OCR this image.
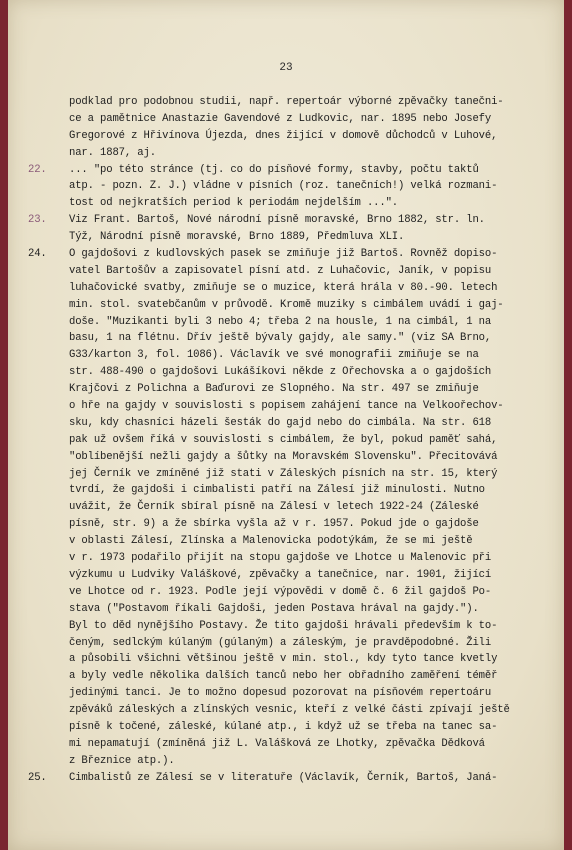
23
podklad pro podobnou studii, např. repertoár výborné zpěvačky tanečni-
ce a pamětnice Anastazie Gavendové z Ludkovic, nar. 1895 nebo Josefy
Gregorové z Hřivínova Újezda, dnes žijící v domově důchodců v Luhové,
nar. 1887, aj.
22. ... "po této stránce (tj. co do písňové formy, stavby, počtu taktů
atp. - pozn. Z. J.) vládne v písních (roz. tanečních!) velká rozmani-
tost od nejkratších period k periodám nejdelším ...".
23. Viz Frant. Bartoš, Nové národní písně moravské, Brno 1882, str. ln.
Týž, Národní písně moravské, Brno 1889, Předmluva XLI.
24. O gajdošovi z kudlovských pasek se zmiňuje již Bartoš. Rovněž dopiso-
vatel Bartošův a zapisovatel písní atd. z Luhačovic, Janík, v popisu
luhačovické svatby, zmiňuje se o muzice, která hrála v 80.-90. letech
min. stol. svatebčanům v průvodě. Kromě muziky s cimbálem uvádí i gaj-
doše. "Muzikanti byli 3 nebo 4; třeba 2 na housle, 1 na cimbál, 1 na
basu, 1 na flétnu. Dřív ještě bývaly gajdy, ale samy." (viz SA Brno,
G33/karton 3, fol. 1086). Václavík ve své monografii zmiňuje se na
str. 488-490 o gajdošovi Lukášíkovi někde z Ořechovska a o gajdoších
Krajčovi z Polichna a Baďurovi ze Slopného. Na str. 497 se zmiňuje
o hře na gajdy v souvislosti s popisem zahájení tance na Velkoořechov-
sku, kdy chasníci házeli šesták do gajd nebo do cimbála. Na str. 618
pak už ovšem říká v souvislosti s cimbálem, že byl, pokud paměť sahá,
"oblíbenější nežli gajdy a šůtky na Moravském Slovensku". Přecitovává
jej Černík ve zmíněné již stati v Záleských písních na str. 15, který
tvrdí, že gajdoši i cimbalisti patří na Zálesí již minulosti. Nutno
uvážit, že Černík sbíral písně na Zálesí v letech 1922-24 (Záleské
písně, str. 9) a že sbírka vyšla až v r. 1957. Pokud jde o gajdoše
v oblasti Zálesí, Zlínska a Malenovicka podotýkám, že se mi ještě
v r. 1973 podařilo přijít na stopu gajdoše ve Lhotce u Malenovic při
výzkumu u Ludviky Valáškové, zpěvačky a tanečnice, nar. 1901, žijící
ve Lhotce od r. 1923. Podle její výpovědi v domě č. 6 žil gajdoš Po-
stava ("Postavom říkali Gajdoši, jeden Postava hrával na gajdy.").
Byl to děd nynějšího Postavy. Že tito gajdoši hrávali především k to-
čeným, sedlckým kúlaným (gúlaným) a záleským, je pravděpodobné. Žili
a působili všichni většinou ještě v min. stol., kdy tyto tance kvetly
a byly vedle několika dalších tanců nebo her obřadního zaměření téměř
jedinými tanci. Je to možno dopesud pozorovat na písňovém repertoáru
zpěváků záleských a zlínských vesnic, kteří z velké části zpívají ještě
písně k točené, záleské, kúlané atp., i když už se třeba na tanec sa-
mi nepamatují (zmíněná již L. Valášková ze Lhotky, zpěvačka Dědková
z Březnice atp.).
25. Cimbalistů ze Zálesí se v literatuře (Václavík, Černík, Bartoš, Janá-
